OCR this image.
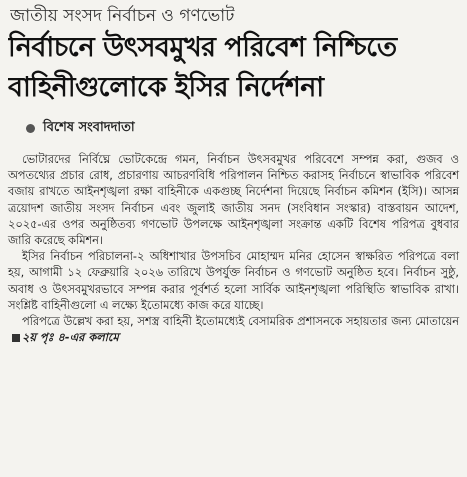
জাতীয় সংসদ নির্বাচন ও গণভোট
নির্বাচনে উৎসবমুখর পরিবেশ নিশ্চিতে
বাহিনীগুলোকে ইসির নির্দেশনা
বিশেষ সংবাদদাতা

ভোটারদের নির্বিঘ্নে ভোটকেন্দ্রে গমন, নির্বাচন উৎসবমুখর পরিবেশে সম্পন্ন করা, গুজব ও অপতথ্যের প্রচার রোধ, প্রচারণায় আচরণবিধি পরিপালন নিশ্চিত করাসহ নির্বাচনে স্বাভাবিক পরিবেশ বজায় রাখতে আইনশৃঙ্খলা রক্ষা বাহিনীকে একগুচ্ছ নির্দেশনা দিয়েছে নির্বাচন কমিশন (ইসি)। আসন্ন ত্রয়োদশ জাতীয় সংসদ নির্বাচন এবং জুলাই জাতীয় সনদ (সংবিধান সংস্কার) বাস্তবায়ন আদেশ, ২০২৫-এর ওপর অনুষ্ঠিতব্য গণভোট উপলক্ষে আইনশৃঙ্খলা সংক্রান্ত একটি বিশেষ পরিপত্র বুধবার জারি করেছে কমিশন।

ইসির নির্বাচন পরিচালনা-২ অধিশাখার উপসচিব মোহাম্মদ মনির হোসেন স্বাক্ষরিত পরিপত্রে বলা হয়, আগামী ১২ ফেব্রুয়ারি ২০২৬ তারিখে উপর্যুক্ত নির্বাচন ও গণভোট অনুষ্ঠিত হবে। নির্বাচন সুষ্ঠু, অবাধ ও উৎসবমুখরভাবে সম্পন্ন করার পূর্বশর্ত হলো সার্বিক আইনশৃঙ্খলা পরিস্থিতি স্বাভাবিক রাখা। সংশ্লিষ্ট বাহিনীগুলো এ লক্ষ্যে ইতোমধ্যে কাজ করে যাচ্ছে।

পরিপত্রে উল্লেখ করা হয়, সশস্ত্র বাহিনী ইতোমধ্যেই বেসামরিক প্রশাসনকে সহায়তার জন্য মোতায়েন২য় পৃঃ ৪-এর কলামে
